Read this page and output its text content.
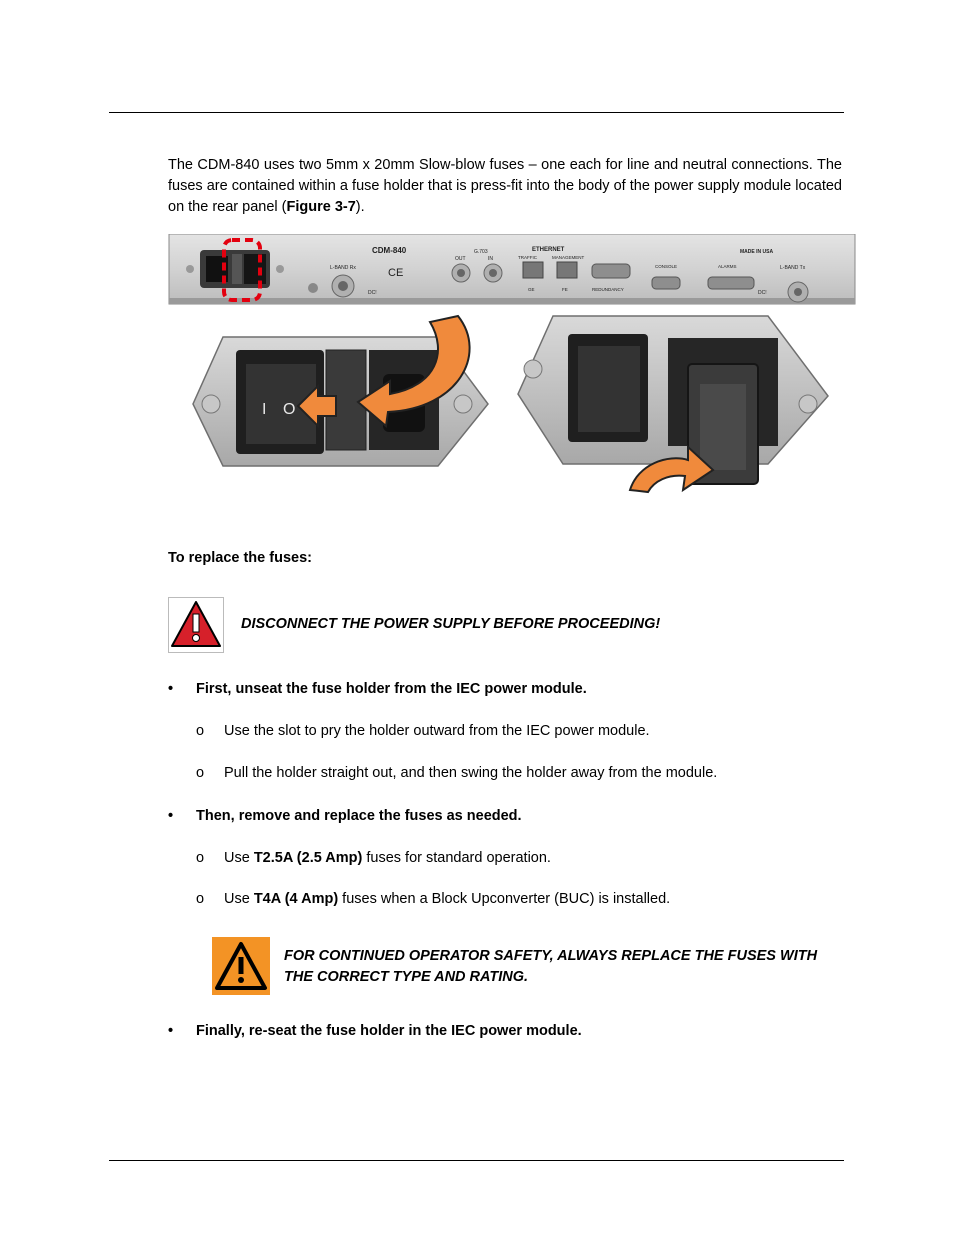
The CDM-840 uses two 5mm x 20mm Slow-blow fuses – one each for line and neutral connections. The fuses are contained within a fuse holder that is press-fit into the body of the power supply module located on the rear panel (Figure 3-7).

CDM-840
L-BAND Rx
DC!
CE
OUT
G.703
IN
ETHERNET
TRAFFIC	MANAGEMENT
GE	FE	REDUNDANCY
CONSOLE	ALARMS
MADE IN USA
L-BAND Tx
DC!
I O
To replace the fuses:
DISCONNECT THE POWER SUPPLY BEFORE PROCEEDING!
•	First, unseat the fuse holder from the IEC power module.
o Use the slot to pry the holder outward from the IEC power module.
o Pull the holder straight out, and then swing the holder away from the module.
•	Then, remove and replace the fuses as needed.
o Use T2.5A (2.5 Amp) fuses for standard operation.
o Use T4A (4 Amp) fuses when a Block Upconverter (BUC) is installed.
FOR CONTINUED OPERATOR SAFETY, ALWAYS REPLACE THE FUSES WITH THE CORRECT TYPE AND RATING.
•	Finally, re-seat the fuse holder in the IEC power module.
